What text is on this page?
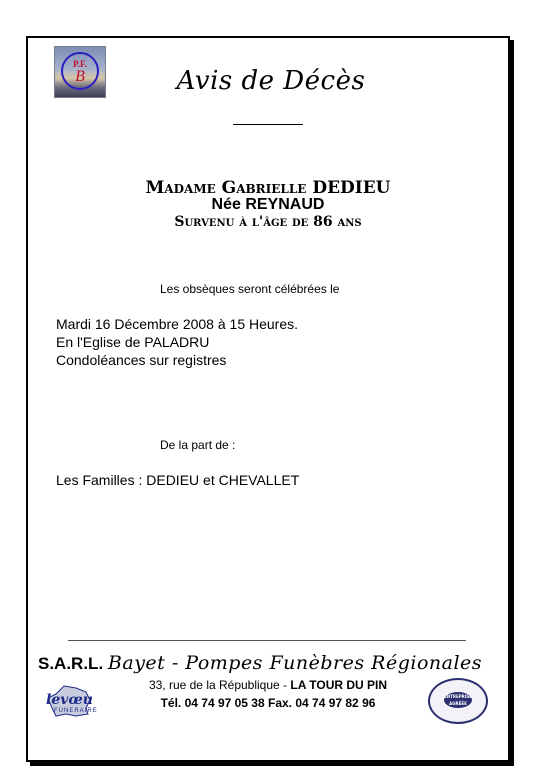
P.F.
B	Avis de Décès
Madame Gabrielle DEDIEU
Née REYNAUD
Survenu à l'âge de 86 ans
Les obsèques seront célébrées le
Mardi 16 Décembre 2008 à 15 Heures.
En l'Eglise de PALADRU
Condoléances sur registres
De la part de :
Les Familles : DEDIEU et CHEVALLET
S.A.R.L. Bayet - Pompes Funèbres Régionales
33, rue de la République - LA TOUR DU PIN
Tél. 04 74 97 05 38 Fax. 04 74 97 82 96
levœu
FUNERAIRE
ENTREPRISE AGRÉÉE
